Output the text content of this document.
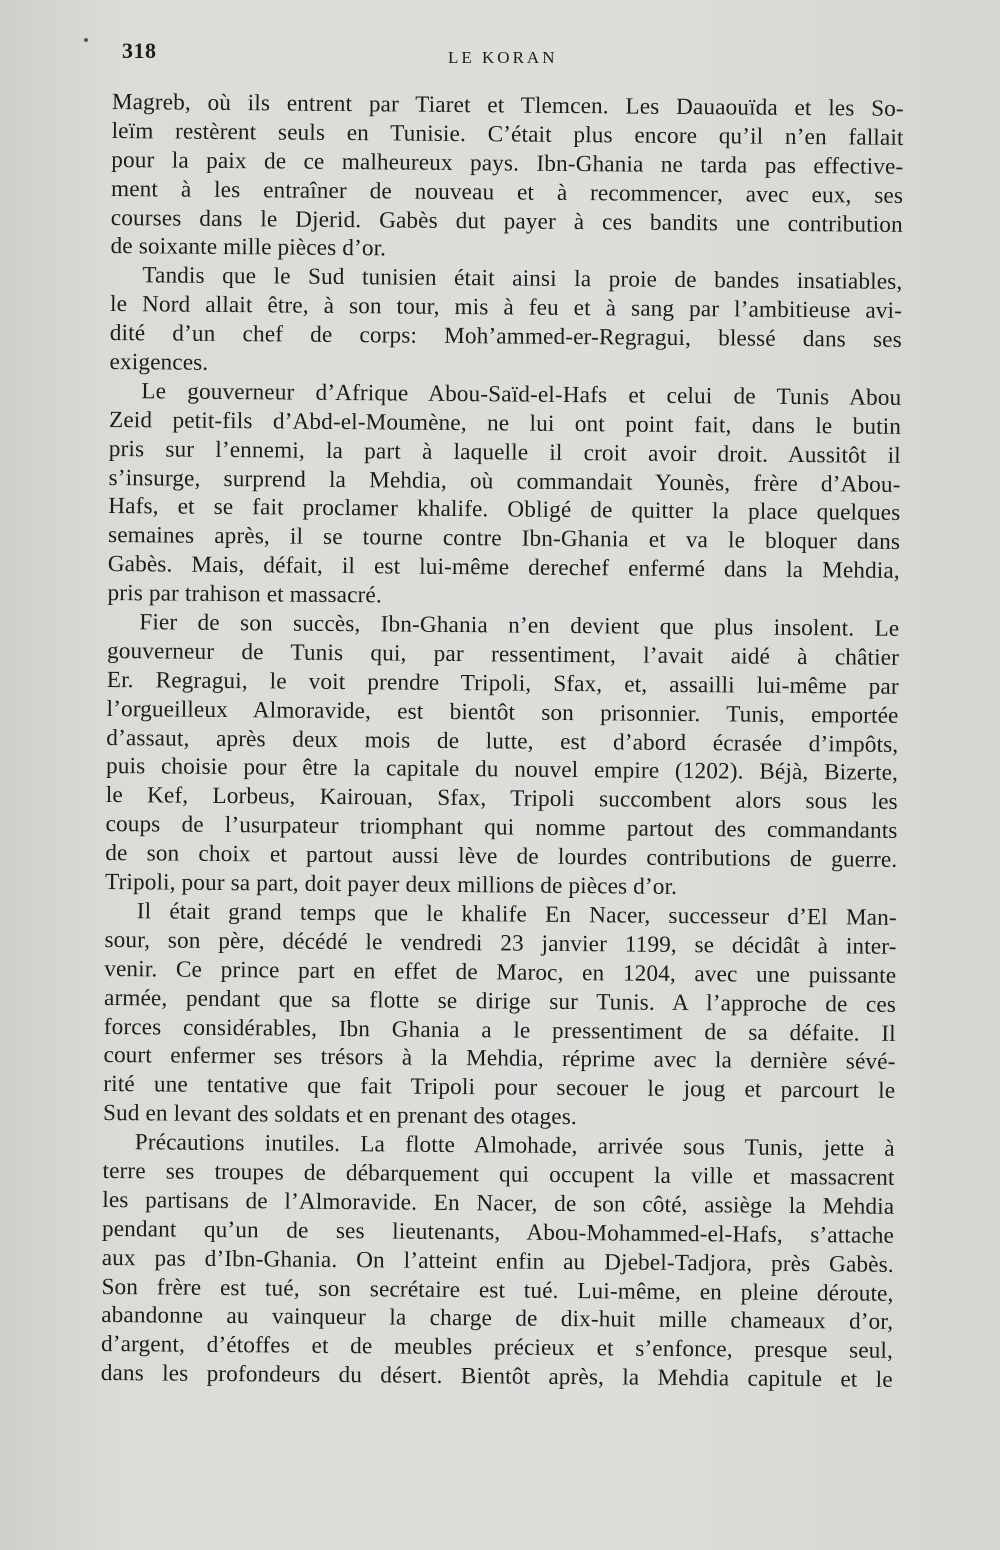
318	LE KORAN
Magreb, où ils entrent par Tiaret et Tlemcen. Les Dauaouïda et les So-
leïm restèrent seuls en Tunisie. C’était plus encore qu’il n’en fallait
pour la paix de ce malheureux pays. Ibn-Ghania ne tarda pas effective-
ment à les entraîner de nouveau et à recommencer, avec eux, ses
courses dans le Djerid. Gabès dut payer à ces bandits une contribution
de soixante mille pièces d’or.
Tandis que le Sud tunisien était ainsi la proie de bandes insatiables,
le Nord allait être, à son tour, mis à feu et à sang par l’ambitieuse avi-
dité d’un chef de corps: Moh’ammed-er-Regragui, blessé dans ses
exigences.
Le gouverneur d’Afrique Abou-Saïd-el-Hafs et celui de Tunis Abou
Zeid petit-fils d’Abd-el-Moumène, ne lui ont point fait, dans le butin
pris sur l’ennemi, la part à laquelle il croit avoir droit. Aussitôt il
s’insurge, surprend la Mehdia, où commandait Younès, frère d’Abou-
Hafs, et se fait proclamer khalife. Obligé de quitter la place quelques
semaines après, il se tourne contre Ibn-Ghania et va le bloquer dans
Gabès. Mais, défait, il est lui-même derechef enfermé dans la Mehdia,
pris par trahison et massacré.
Fier de son succès, Ibn-Ghania n’en devient que plus insolent. Le
gouverneur de Tunis qui, par ressentiment, l’avait aidé à châtier
Er. Regragui, le voit prendre Tripoli, Sfax, et, assailli lui-même par
l’orgueilleux Almoravide, est bientôt son prisonnier. Tunis, emportée
d’assaut, après deux mois de lutte, est d’abord écrasée d’impôts,
puis choisie pour être la capitale du nouvel empire (1202). Béjà, Bizerte,
le Kef, Lorbeus, Kairouan, Sfax, Tripoli succombent alors sous les
coups de l’usurpateur triomphant qui nomme partout des commandants
de son choix et partout aussi lève de lourdes contributions de guerre.
Tripoli, pour sa part, doit payer deux millions de pièces d’or.
Il était grand temps que le khalife En Nacer, successeur d’El Man-
sour, son père, décédé le vendredi 23 janvier 1199, se décidât à inter-
venir. Ce prince part en effet de Maroc, en 1204, avec une puissante
armée, pendant que sa flotte se dirige sur Tunis. A l’approche de ces
forces considérables, Ibn Ghania a le pressentiment de sa défaite. Il
court enfermer ses trésors à la Mehdia, réprime avec la dernière sévé-
rité une tentative que fait Tripoli pour secouer le joug et parcourt le
Sud en levant des soldats et en prenant des otages.
Précautions inutiles. La flotte Almohade, arrivée sous Tunis, jette à
terre ses troupes de débarquement qui occupent la ville et massacrent
les partisans de l’Almoravide. En Nacer, de son côté, assiège la Mehdia
pendant qu’un de ses lieutenants, Abou-Mohammed-el-Hafs, s’attache
aux pas d’Ibn-Ghania. On l’atteint enfin au Djebel-Tadjora, près Gabès.
Son frère est tué, son secrétaire est tué. Lui-même, en pleine déroute,
abandonne au vainqueur la charge de dix-huit mille chameaux d’or,
d’argent, d’étoffes et de meubles précieux et s’enfonce, presque seul,
dans les profondeurs du désert. Bientôt après, la Mehdia capitule et le
